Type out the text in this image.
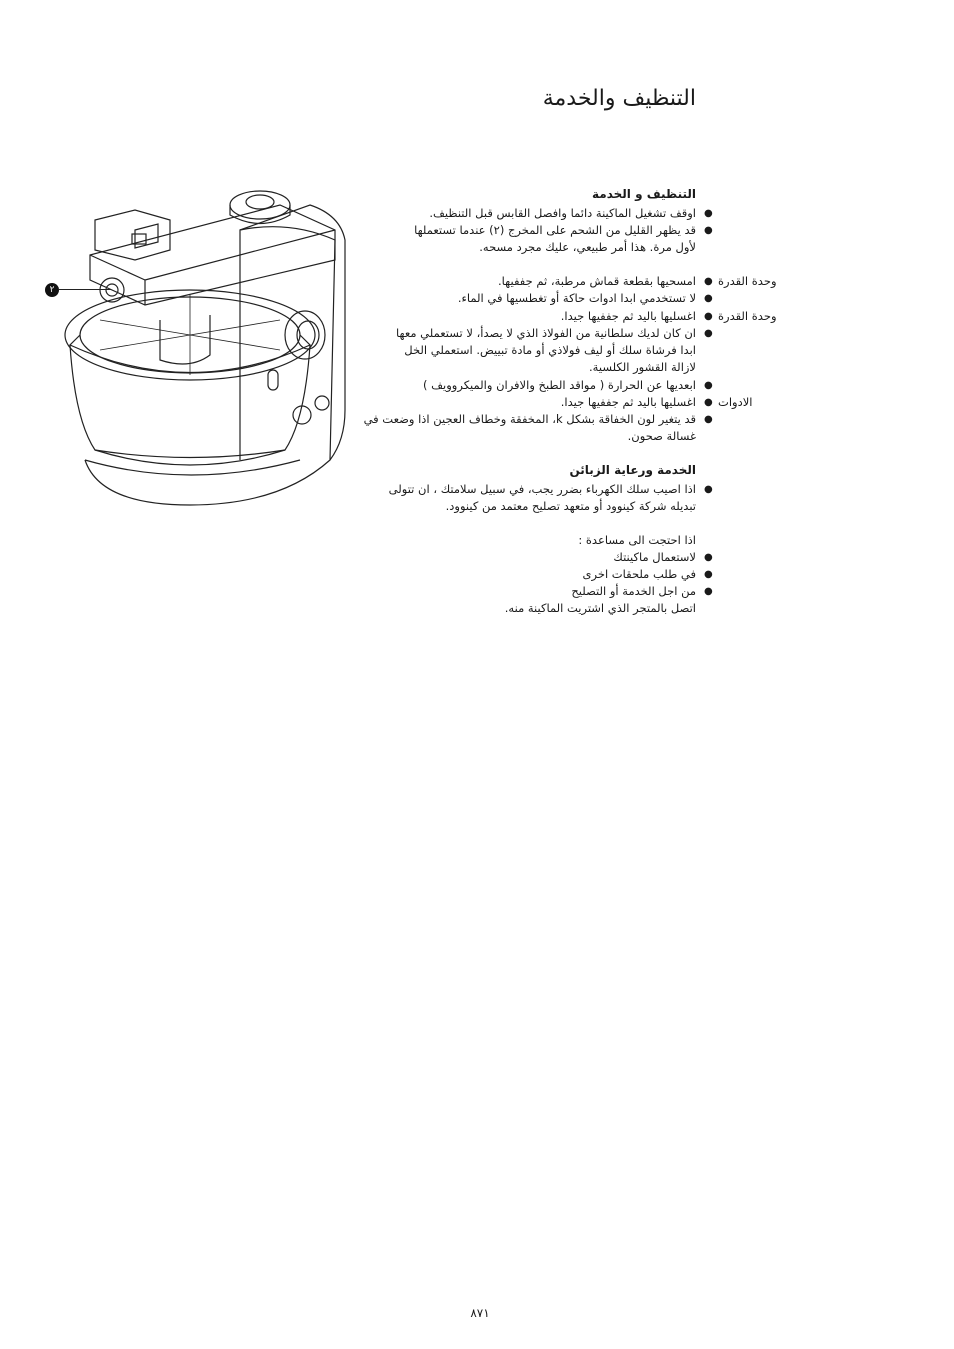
التنظيف والخدمة
٢
التنظيف و الخدمة
اوقف تشغيل الماكينة دائما وافصل القابس قبل التنظيف. ●
قد يظهر القليل من الشحم على المخرج (٢) عندما تستعملها
لأول مرة. هذا أمر طبيعي، عليك مجرد مسحه.
●
وحدة القدرة
●
امسحيها بقطعة قماش مرطبة، ثم جففيها.
●
لا تستخدمي ابدا ادوات حاكة أو تغطسيها في الماء.
وحدة القدرة
●
اغسليها باليد ثم جففيها جيدا.
●
ان كان لديك سلطانية من الفولاذ الذي لا يصدأ، لا تستعملي معها
ابدا فرشاة سلك أو ليف فولاذي أو مادة تبييض. استعملي الخل
لازالة القشور الكلسية.
●
ابعديها عن الحرارة ( مواقد الطبخ والافران والميكروويف )
الادوات
●
اغسليها باليد ثم جففيها جيدا.
●
قد يتغير لون الخفاقة بشكل k، المخفقة وخطاف العجين اذا وضعت في
غسالة صحون.
الخدمة ورعاية الزبائن
●
اذا اصيب سلك الكهرباء بضرر يجب، في سبيل سلامتك ، ان تتولى
تبديله شركة كينوود أو متعهد تصليح معتمد من كينوود.
اذا احتجت الى مساعدة :
●
لاستعمال ماكينتك
●
في طلب ملحقات اخرى
●
من اجل الخدمة أو التصليح
اتصل بالمتجر الذي اشتريت الماكينة منه.
٨٧١
